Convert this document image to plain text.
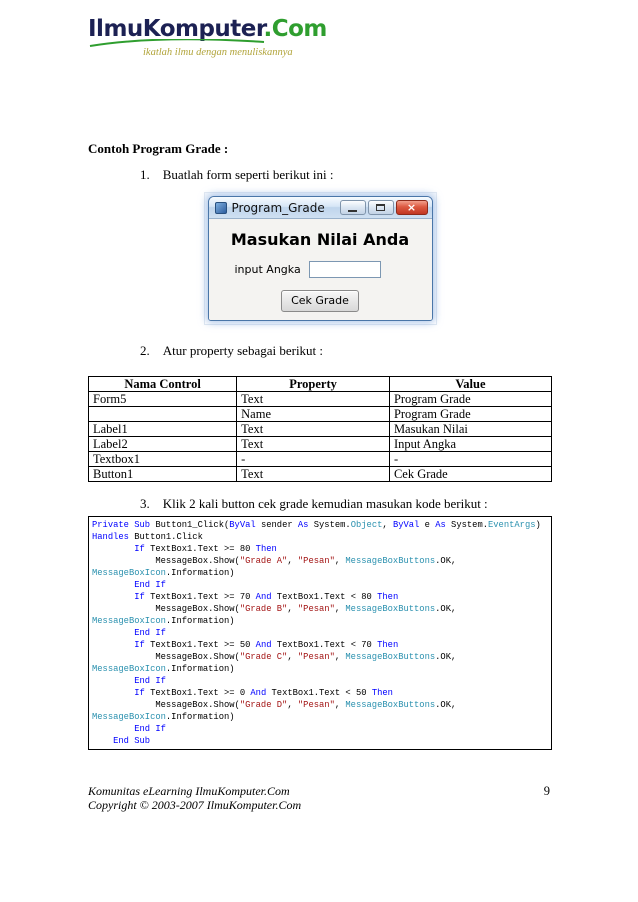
IlmuKomputer.Com
ikatlah ilmu dengan menuliskannya
Contoh Program Grade :
1. Buatlah form seperti berikut ini :
Program_Grade	×
Masukan Nilai Anda
input Angka
Cek Grade
2. Atur property sebagai berikut :
Nama Control	Property	Value
Form5	Text	Program Grade
	Name	Program Grade
Label1	Text	Masukan Nilai
Label2	Text	Input Angka
Textbox1	-	-
Button1	Text	Cek Grade
3. Klik 2 kali button cek grade kemudian masukan kode berikut :
Private Sub Button1_Click(ByVal sender As System.Object, ByVal e As System.EventArgs)
Handles Button1.Click
If TextBox1.Text >= 80 Then
MessageBox.Show("Grade A", "Pesan", MessageBoxButtons.OK,
MessageBoxIcon.Information)
End If
If TextBox1.Text >= 70 And TextBox1.Text < 80 Then
MessageBox.Show("Grade B", "Pesan", MessageBoxButtons.OK,
MessageBoxIcon.Information)
End If
If TextBox1.Text >= 50 And TextBox1.Text < 70 Then
MessageBox.Show("Grade C", "Pesan", MessageBoxButtons.OK,
MessageBoxIcon.Information)
End If
If TextBox1.Text >= 0 And TextBox1.Text < 50 Then
MessageBox.Show("Grade D", "Pesan", MessageBoxButtons.OK,
MessageBoxIcon.Information)
End If
End Sub
Komunitas eLearning IlmuKomputer.Com
Copyright © 2003-2007 IlmuKomputer.Com
9
